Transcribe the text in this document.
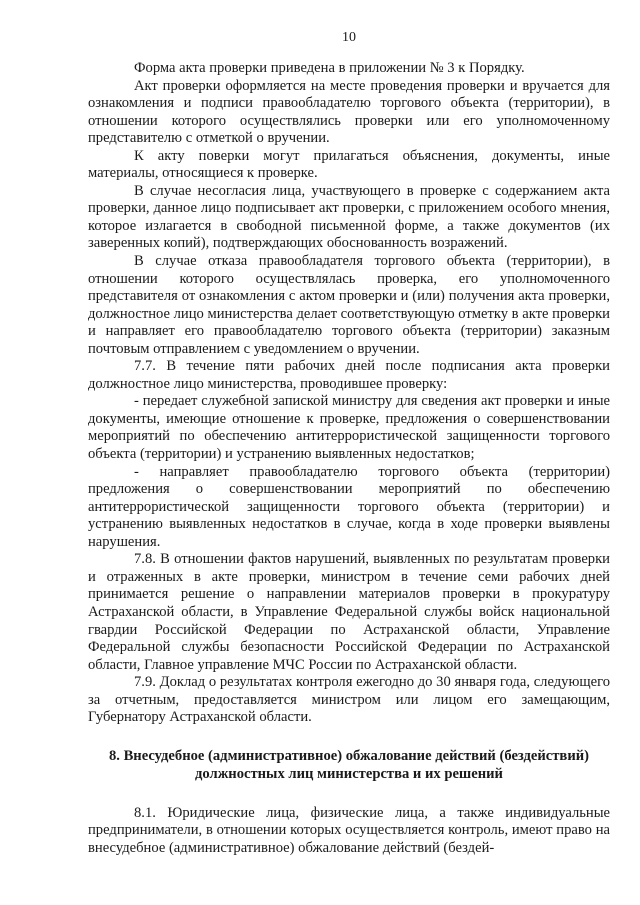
10

Форма акта проверки приведена в приложении № 3 к Порядку.

Акт проверки оформляется на месте проведения проверки и вручается для ознакомления и подписи правообладателю торгового объекта (территории), в отношении которого осуществлялись проверки или его уполномоченному представителю с отметкой о вручении.

К акту поверки могут прилагаться объяснения, документы, иные материалы, относящиеся к проверке.

В случае несогласия лица, участвующего в проверке с содержанием акта проверки, данное лицо подписывает акт проверки, с приложением особого мнения, которое излагается в свободной письменной форме, а также документов (их заверенных копий), подтверждающих обоснованность возражений.

В случае отказа правообладателя торгового объекта (территории), в отношении которого осуществлялась проверка, его уполномоченного представителя от ознакомления с актом проверки и (или) получения акта проверки, должностное лицо министерства делает соответствующую отметку в акте проверки и направляет его правообладателю торгового объекта (территории) заказным почтовым отправлением с уведомлением о вручении.

7.7. В течение пяти рабочих дней после подписания акта проверки должностное лицо министерства, проводившее проверку:

- передает служебной запиской министру для сведения акт проверки и иные документы, имеющие отношение к проверке, предложения о совершенствовании мероприятий по обеспечению антитеррористической защищенности торгового объекта (территории) и устранению выявленных недостатков;

- направляет правообладателю торгового объекта (территории) предложения о совершенствовании мероприятий по обеспечению антитеррористической защищенности торгового объекта (территории) и устранению выявленных недостатков в случае, когда в ходе проверки выявлены нарушения.

7.8. В отношении фактов нарушений, выявленных по результатам проверки и отраженных в акте проверки, министром в течение семи рабочих дней принимается решение о направлении материалов проверки в прокуратуру Астраханской области, в Управление Федеральной службы войск национальной гвардии Российской Федерации по Астраханской области, Управление Федеральной службы безопасности Российской Федерации по Астраханской области, Главное управление МЧС России по Астраханской области.

7.9. Доклад о результатах контроля ежегодно до 30 января года, следующего за отчетным, предоставляется министром или лицом его замещающим, Губернатору Астраханской области.

8. Внесудебное (административное) обжалование действий (бездействий) должностных лиц министерства и их решений

8.1. Юридические лица, физические лица, а также индивидуальные предприниматели, в отношении которых осуществляется контроль, имеют право на внесудебное (административное) обжалование действий (бездей-
